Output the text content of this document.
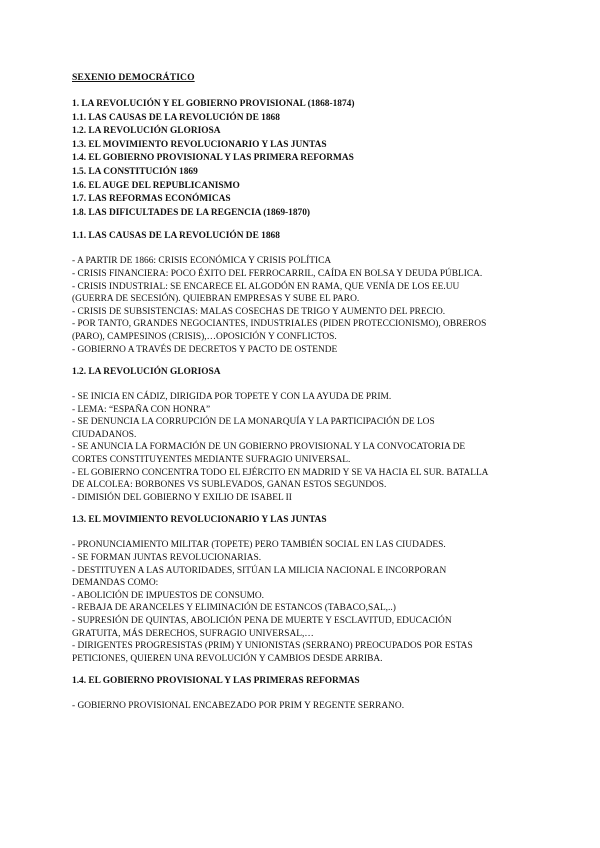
SEXENIO DEMOCRÁTICO
1. LA REVOLUCIÓN Y EL GOBIERNO PROVISIONAL (1868-1874)
1.1. LAS CAUSAS DE LA REVOLUCIÓN DE 1868
1.2. LA REVOLUCIÓN GLORIOSA
1.3. EL MOVIMIENTO REVOLUCIONARIO Y LAS JUNTAS
1.4. EL GOBIERNO PROVISIONAL Y LAS PRIMERA REFORMAS
1.5. LA CONSTITUCIÓN 1869
1.6. EL AUGE DEL REPUBLICANISMO
1.7. LAS REFORMAS ECONÓMICAS
1.8. LAS DIFICULTADES DE LA REGENCIA (1869-1870)
1.1. LAS CAUSAS DE LA REVOLUCIÓN DE 1868
- A PARTIR DE 1866: CRISIS ECONÓMICA Y CRISIS POLÍTICA
- CRISIS FINANCIERA: POCO ÉXITO DEL FERROCARRIL, CAÍDA EN BOLSA Y DEUDA PÚBLICA.
- CRISIS INDUSTRIAL: SE ENCARECE EL ALGODÓN EN RAMA, QUE VENÍA DE LOS EE.UU
(GUERRA DE SECESIÓN). QUIEBRAN EMPRESAS Y SUBE EL PARO.
- CRISIS DE SUBSISTENCIAS: MALAS COSECHAS DE TRIGO Y AUMENTO DEL PRECIO.
- POR TANTO, GRANDES NEGOCIANTES, INDUSTRIALES (PIDEN PROTECCIONISMO), OBREROS
(PARO), CAMPESINOS (CRISIS),…OPOSICIÓN Y CONFLICTOS.
- GOBIERNO A TRAVÉS DE DECRETOS Y PACTO DE OSTENDE
1.2. LA REVOLUCIÓN GLORIOSA
- SE INICIA EN CÁDIZ, DIRIGIDA POR TOPETE Y CON LA AYUDA DE PRIM.
- LEMA: “ESPAÑA CON HONRA”
- SE DENUNCIA LA CORRUPCIÓN DE LA MONARQUÍA Y LA PARTICIPACIÓN DE LOS
CIUDADANOS.
- SE ANUNCIA LA FORMACIÓN DE UN GOBIERNO PROVISIONAL Y LA CONVOCATORIA DE
CORTES CONSTITUYENTES MEDIANTE SUFRAGIO UNIVERSAL.
- EL GOBIERNO CONCENTRA TODO EL EJÉRCITO EN MADRID Y SE VA HACIA EL SUR. BATALLA
DE ALCOLEA: BORBONES VS SUBLEVADOS, GANAN ESTOS SEGUNDOS.
- DIMISIÓN DEL GOBIERNO Y EXILIO DE ISABEL II
1.3. EL MOVIMIENTO REVOLUCIONARIO Y LAS JUNTAS
- PRONUNCIAMIENTO MILITAR (TOPETE) PERO TAMBIÉN SOCIAL EN LAS CIUDADES.
- SE FORMAN JUNTAS REVOLUCIONARIAS.
- DESTITUYEN A LAS AUTORIDADES, SITÚAN LA MILICIA NACIONAL E INCORPORAN
DEMANDAS COMO:
- ABOLICIÓN DE IMPUESTOS DE CONSUMO.
- REBAJA DE ARANCELES Y ELIMINACIÓN DE ESTANCOS (TABACO,SAL,..)
- SUPRESIÓN DE QUINTAS, ABOLICIÓN PENA DE MUERTE Y ESCLAVITUD, EDUCACIÓN
GRATUITA, MÁS DERECHOS, SUFRAGIO UNIVERSAL,…
- DIRIGENTES PROGRESISTAS (PRIM) Y UNIONISTAS (SERRANO) PREOCUPADOS POR ESTAS
PETICIONES, QUIEREN UNA REVOLUCIÓN Y CAMBIOS DESDE ARRIBA.
1.4. EL GOBIERNO PROVISIONAL Y LAS PRIMERAS REFORMAS
- GOBIERNO PROVISIONAL ENCABEZADO POR PRIM Y REGENTE SERRANO.
